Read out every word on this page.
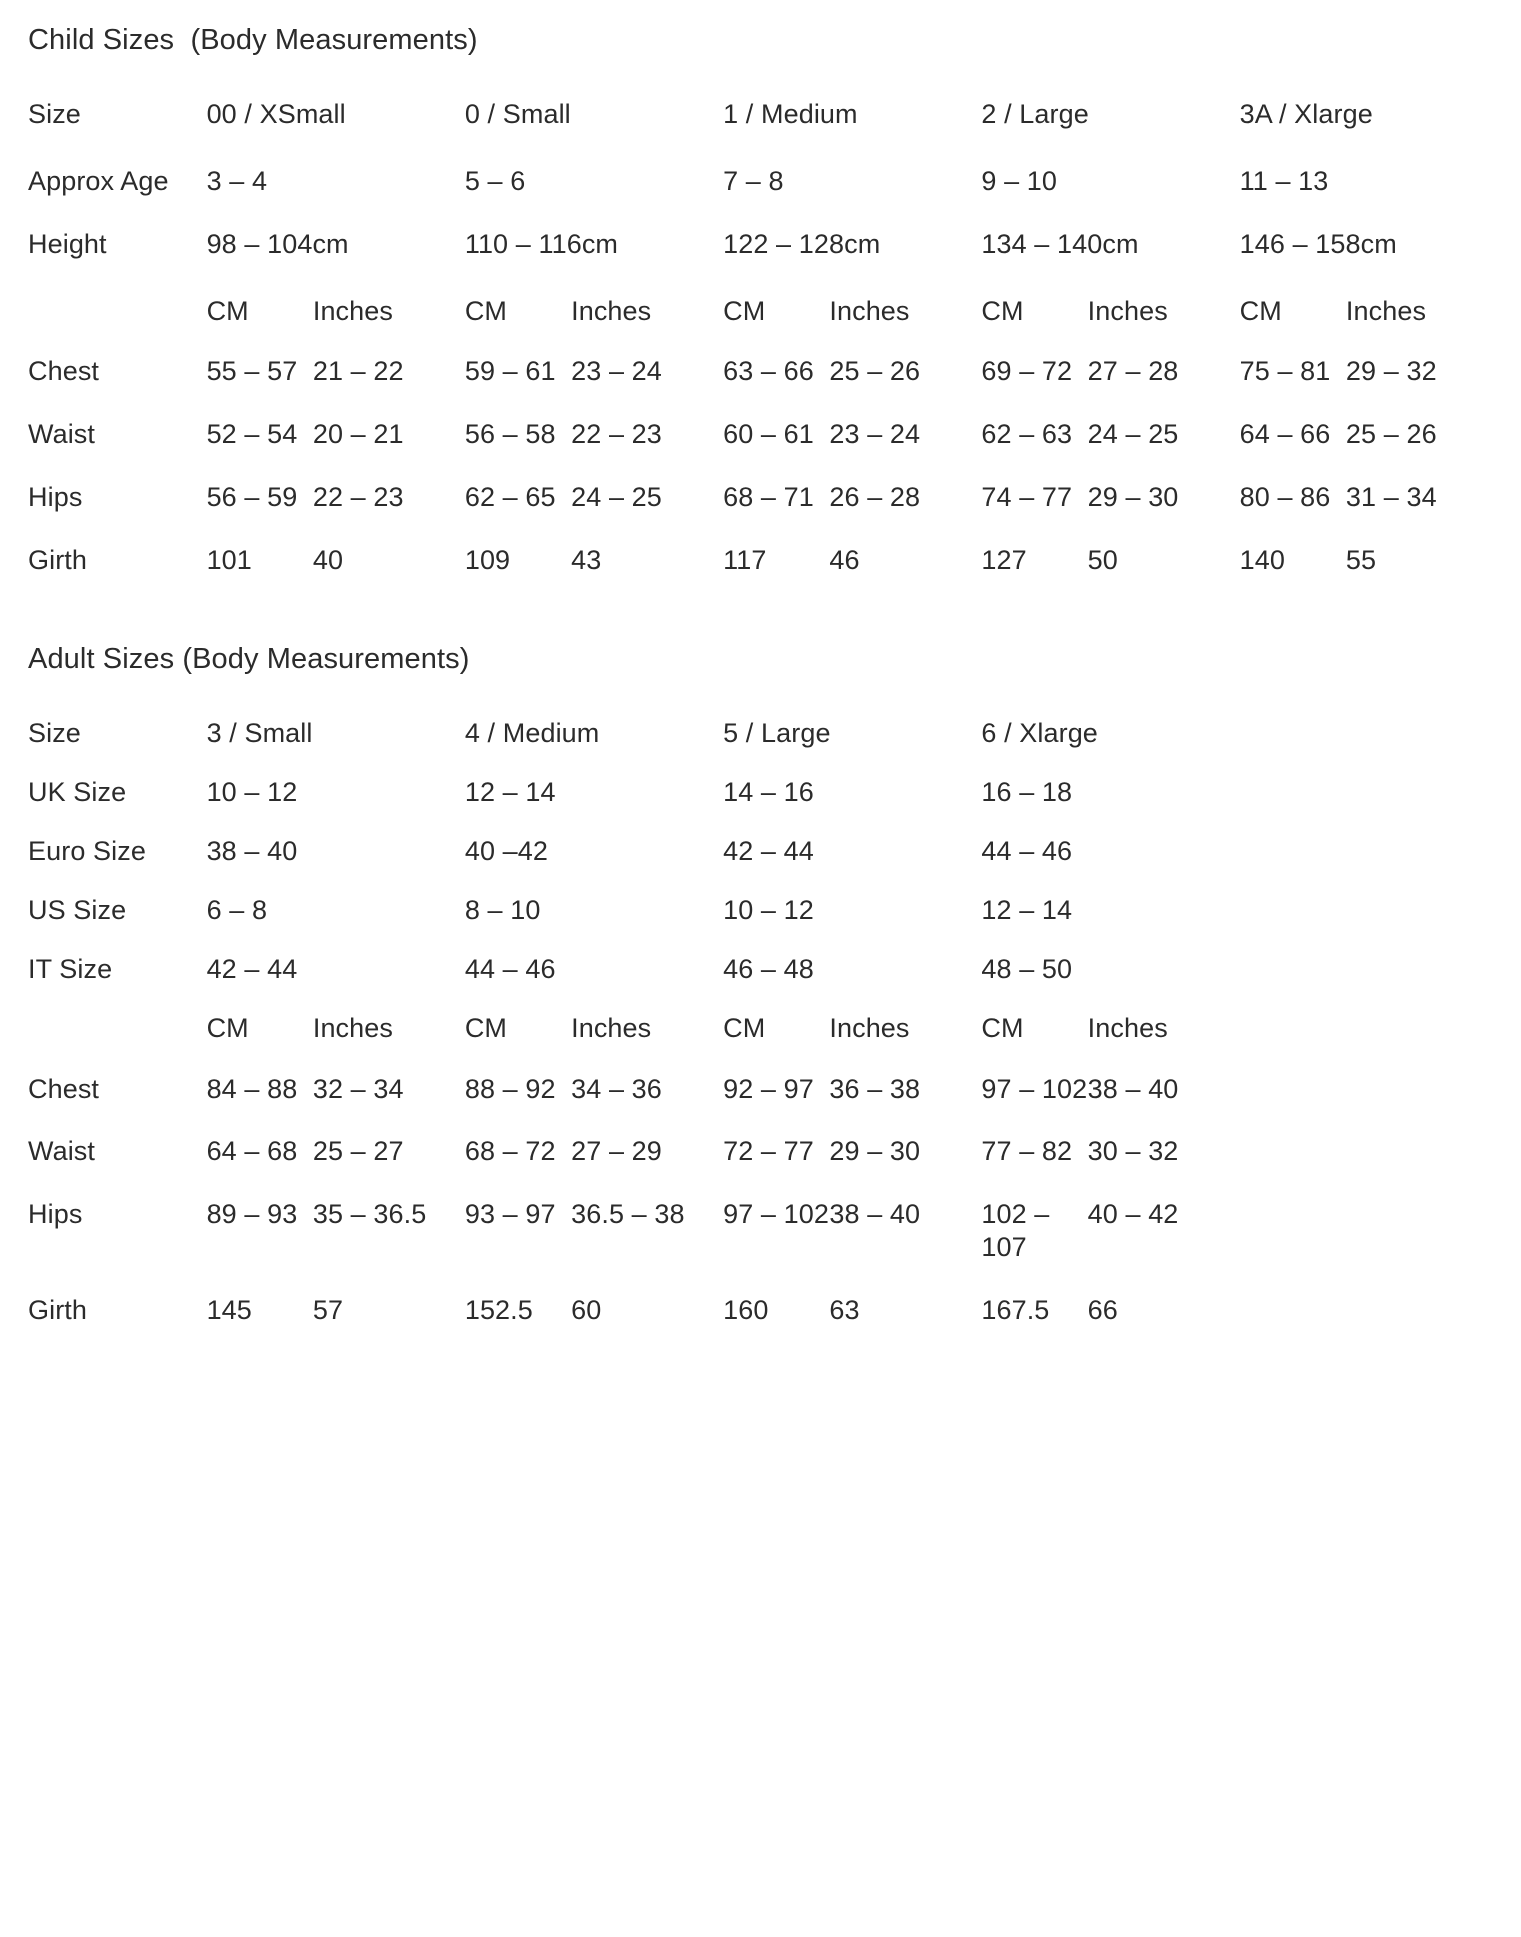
Child Sizes  (Body Measurements)

Size	00 / XSmall		0 / Small		1 / Medium		2 / Large		3A / Xlarge	
Approx Age	3 – 4		5 – 6		7 – 8		9 – 10		11 – 13	
Height	98 – 104cm		110 – 116cm		122 – 128cm		134 – 140cm		146 – 158cm	
	CM	Inches	CM	Inches	CM	Inches	CM	Inches	CM	Inches
Chest	55 – 57	21 – 22	59 – 61	23 – 24	63 – 66	25 – 26	69 – 72	27 – 28	75 – 81	29 – 32
Waist	52 – 54	20 – 21	56 – 58	22 – 23	60 – 61	23 – 24	62 – 63	24 – 25	64 – 66	25 – 26
Hips	56 – 59	22 – 23	62 – 65	24 – 25	68 – 71	26 – 28	74 – 77	29 – 30	80 – 86	31 – 34
Girth	101	40	109	43	117	46	127	50	140	55
Adult Sizes (Body Measurements)

Size	3 / Small		4 / Medium		5 / Large		6 / Xlarge			
UK Size	10 – 12		12 – 14		14 – 16		16 – 18			
Euro Size	38 – 40		40 –42		42 – 44		44 – 46			
US Size	6 – 8		8 – 10		10 – 12		12 – 14			
IT Size	42 – 44		44 – 46		46 – 48		48 – 50			
	CM	Inches	CM	Inches	CM	Inches	CM	Inches		
Chest	84 – 88	32 – 34	88 – 92	34 – 36	92 – 97	36 – 38	97 – 102	38 – 40		
Waist	64 – 68	25 – 27	68 – 72	27 – 29	72 – 77	29 – 30	77 – 82	30 – 32		
Hips	89 – 93	35 – 36.5	93 – 97	36.5 – 38	97 – 102	38 – 40	102 – 107	40 – 42		
Girth	145	57	152.5	60	160	63	167.5	66		
